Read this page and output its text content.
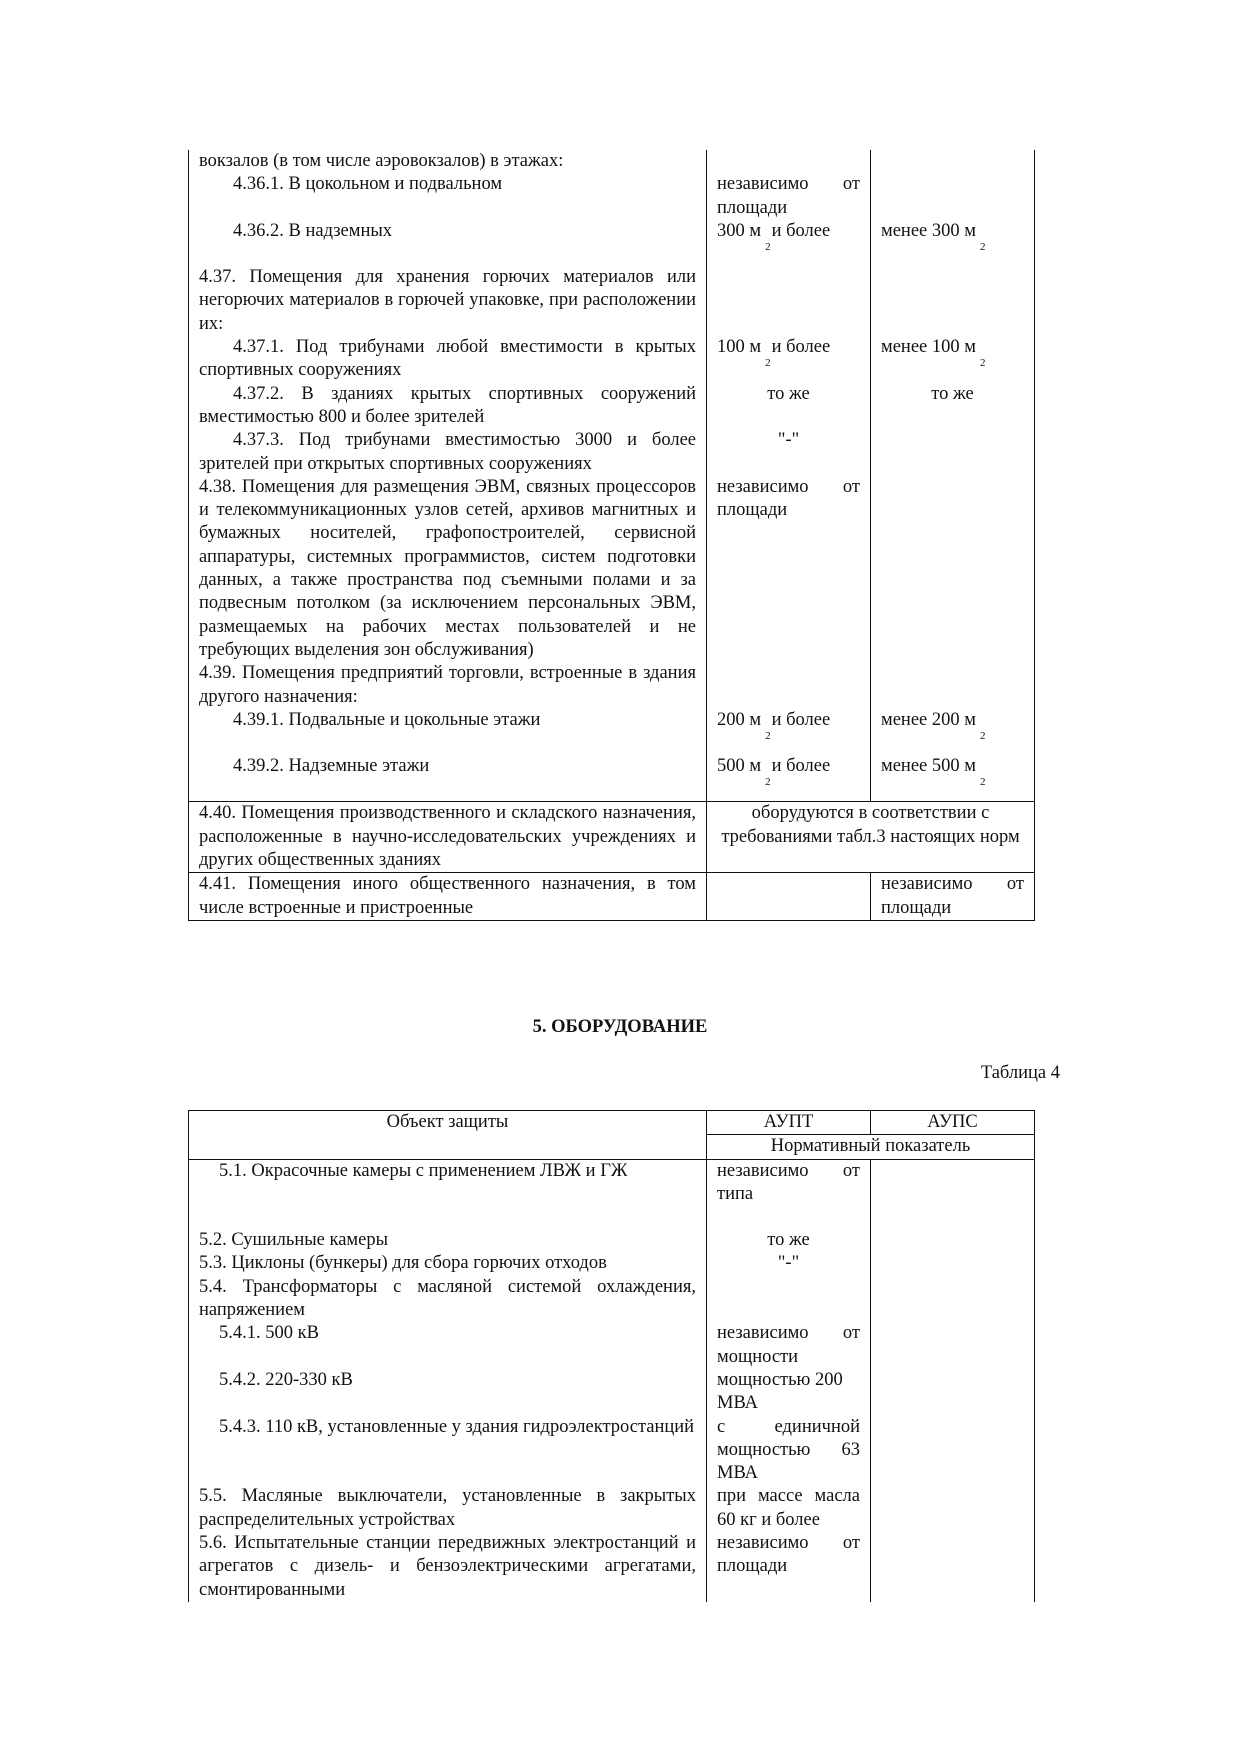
вокзалов (в том числе аэровокзалов) в этажах:		
4.36.1. В цокольном и подвальном	независимо от площади	
4.36.2. В надземных	300 $м_2и$ более	менее 300 $м_2$
4.37. Помещения для хранения горючих материалов или негорючих материалов в горючей упаковке, при расположении их:		
4.37.1. Под трибунами любой вместимости в крытых спортивных сооружениях	100 $м_2и$ более	менее 100 $м_2$
4.37.2. В зданиях крытых спортивных сооружений вместимостью 800 и более зрителей	то же	то же
4.37.3. Под трибунами вместимостью 3000 и более зрителей при открытых спортивных сооружениях	"-"	
4.38. Помещения для размещения ЭВМ, связных процессоров и телекоммуникационных узлов сетей, архивов магнитных и бумажных носителей, графопостроителей, сервисной аппаратуры, системных программистов, систем подготовки данных, а также пространства под съемными полами и за подвесным потолком (за исключением персональных ЭВМ, размещаемых на рабочих местах пользователей и не требующих выделения зон обслуживания)	независимо от площади	
4.39. Помещения предприятий торговли, встроенные в здания другого назначения:		
4.39.1. Подвальные и цокольные этажи	200 $м_2и$ более	менее 200 $м_2$
4.39.2. Надземные этажи	500 $м_2и$ более	менее 500 $м_2$
4.40. Помещения производственного и складского назначения, расположенные в научно-исследовательских учреждениях и других общественных зданиях	оборудуются в соответствии с требованиями табл.3 настоящих норм	
4.41. Помещения иного общественного назначения, в том числе встроенные и пристроенные		независимо от площади
5. ОБОРУДОВАНИЕ
Таблица 4
Объект защиты	АУПТ	АУПС
	Нормативный показатель	
5.1. Окрасочные камеры с применением ЛВЖ и ГЖ	независимо от типа	
5.2. Сушильные камеры	то же	
5.3. Циклоны (бункеры) для сбора горючих отходов	"-"	
5.4. Трансформаторы с масляной системой охлаждения, напряжением		
5.4.1. 500 кВ	независимо от мощности	
5.4.2. 220-330 кВ	мощностью 200 МВА	
5.4.3. 110 кВ, установленные у здания гидроэлектростанций	с единичной мощностью 63 МВА	
5.5. Масляные выключатели, установленные в закрытых распределительных устройствах	при массе масла 60 кг и более	
5.6. Испытательные станции передвижных электростанций и агрегатов с дизель- и бензоэлектрическими агрегатами, смонтированными	независимо от площади	
